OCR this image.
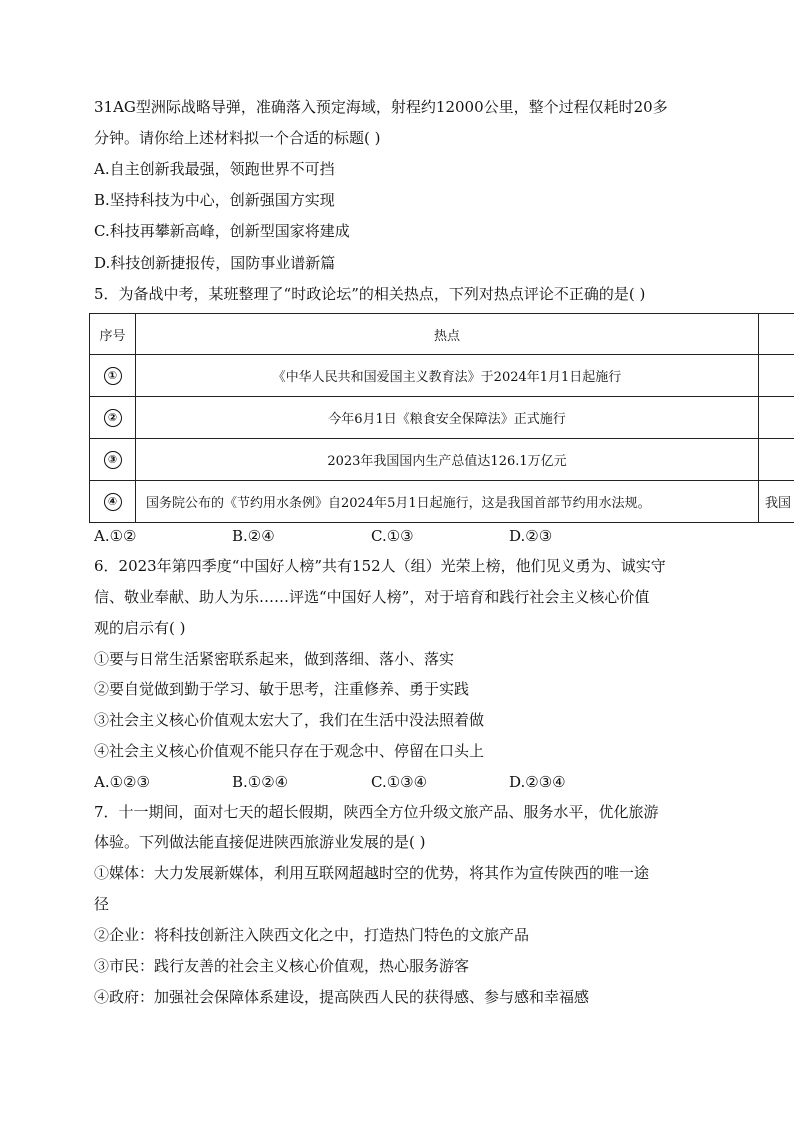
31AG型洲际战略导弹，准确落入预定海域，射程约12000公里，整个过程仅耗时20多
分钟。请你给上述材料拟一个合适的标题( )
A.自主创新我最强，领跑世界不可挡
B.坚持科技为中心，创新强国方实现
C.科技再攀新高峰，创新型国家将建成
D.科技创新捷报传，国防事业谱新篇
5．为备战中考，某班整理了“时政论坛”的相关热点，下列对热点评论不正确的是( )
序号	热点	
①	《中华人民共和国爱国主义教育法》于2024年1月1日起施行	
②	今年6月1日《粮食安全保障法》正式施行	
③	2023年我国国内生产总值达126.1万亿元	
④	国务院公布的《节约用水条例》自2024年5月1日起施行，这是我国首部节约用水法规。	我国
A.①②	B.②④	C.①③	D.②③
6．2023年第四季度“中国好人榜”共有152人（组）光荣上榜，他们见义勇为、诚实守
信、敬业奉献、助人为乐……评选“中国好人榜”，对于培育和践行社会主义核心价值
观的启示有( )
①要与日常生活紧密联系起来，做到落细、落小、落实
②要自觉做到勤于学习、敏于思考，注重修养、勇于实践
③社会主义核心价值观太宏大了，我们在生活中没法照着做
④社会主义核心价值观不能只存在于观念中、停留在口头上
A.①②③	B.①②④	C.①③④	D.②③④
7．十一期间，面对七天的超长假期，陕西全方位升级文旅产品、服务水平，优化旅游
体验。下列做法能直接促进陕西旅游业发展的是( )
①媒体：大力发展新媒体，利用互联网超越时空的优势，将其作为宣传陕西的唯一途
径
②企业：将科技创新注入陕西文化之中，打造热门特色的文旅产品
③市民：践行友善的社会主义核心价值观，热心服务游客
④政府：加强社会保障体系建设，提高陕西人民的获得感、参与感和幸福感
